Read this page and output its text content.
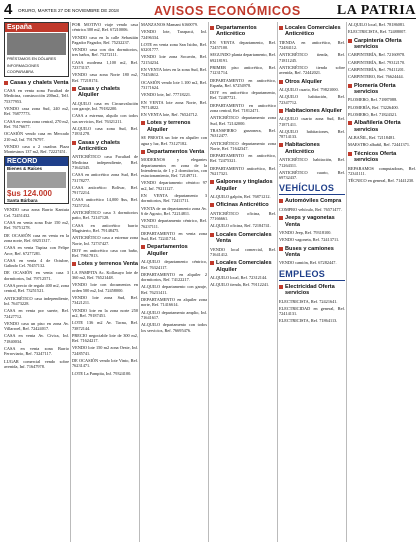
4 ORURO, MARTES 27 DE NOVIEMBRE DE 2018	AVISOS ECONÓMICOS	LA PATRIA
España
PRÉSTAMOS EN DÓLARES
INFORMACIONES
COOPARABRA
Casas y chalets Venta

CASA en venta zona Facultad de Medicina, construcción 200m2, Telf. 75377953.

VENDO casa zona Sud, 240 m2, Ref. 76877773.

CASA en venta zona central, 270 m2, Ref. 76176677.

OCASIÓN vendo casa en Mercado 210 m2, Inf. 79176797.

VENDO casa a 2 cuadras Plaza Montesinos 137 m2, Ref. 72227451.

RECORD
Bienes & Raíces
$us 124.000
Santa Bárbara

VENDO casa zona Barrio Kantuta Cel. 72451432.

CASA en venta zona Este 150 m2, Ref. 76751278.

DE OCASIÓN casa en venta en la zona norte, Ref. 69251317.

CASA en venta Tupiza con Felipe Arce, Ref. 67277281.

CASA en venta 4 de Octubre, Galindo Cel. 70457132.

DE OCASIÓN en venta casa 3 dormitorios, Inf. 79712571.

CASA precio de regalo 400 m2, zona central, Ref. 73251521.

ANTICRÉTICO casa independiente, Inf. 76473228.

CASA en venta por suerte, Ref. 72427712.

VENDO casa un piso en zona Av. Villarroel, Ref. 72424017.

CASA en venta Av. Cívica, Inf. 71840034.

CASA en venta zona Barrio Ferroviario, Ref. 73247117.

LUGAR comercial vendo sobre avenida, Inf. 71647978.

POR MOTIVO viaje vendo casa céntrica 300 m2, Ref. 67210006.

VENDO casa en la calle Sebastián Pagador Pagador, Ref. 75232237.

VENDO casa con dos dormitorios, tres baños, Ref. 75272111.

CASA moderna 1,100 m2, Ref. 72373137.

VENDO casa zona Norte 180 m2, Ref. 77218174.

Casas y chalets Alquiler

ALQUILO casa en Circunvalación con garaje, Inf. 79182200.

CASA a estrenar, alquilo con todos sus servicios, Ref. 76321211.

ALQUILO casa zona Sud, Ref. 71831278.

Casas y chalets Anticrético

ANTICRÉTICO casa Facultad de Medicina independiente, Ref. 71642345.

CASA en anticrético zona Sud, Ref. 73178277.

CASA anticrético Bolívar, Ref. 79172214.

CASA anticrético 14,000 $us, Ref. 73257214.

ANTICRÉTICO casa 3 dormitorios patio, Ref. 72147128.

CASA en anticrético barrio Magisterio, Ref. 79148475.

ANTICRÉTICO casa a estrenar zona Norte, Inf. 72737427.

DOY en anticrético casa con baño, Ref. 79617813.

Lotes y terrenos Venta

LA PAMPITA Ac. Kollasuyo lote de 360 m2, Ref. 76521448.

VENDO lote con documentos en orden 500 m2, Inf. 72458000.

VENDO lote zona Sud, Ref. 73421211.

VENDO lote en la zona norte 250 m2, Ref. 79187451.

LOTE 136 m2 Av. Tacna, Ref. 73872144.

PRECIO negociable lote de 300 m2, Ref. 71624217.

VENDO lote 150 m2 zona Oeste, Inf. 72485741.

DE OCASIÓN vendo lote Vinto, Ref. 76231471.

LOTE La Pampita, Inf. 79324100.

MANZANOS Mamani 6160079.

VENDO lote, Tarapacá, Inf. 72496334.

LOTE en venta zona San Isidro, Ref. 63201777.

VENDO lote zona Socavón, Ref. 72154234.

EN VENTA lotes en la zona Sud, Ref. 73454612.

OCASIÓN vendo lote 1.100 m2, Ref. 73171624.

VENDO lote, Inf. 77718221.

EN VENTA lote zona Norte, Ref. 79714822.

EN VENTA lote, Ref. 76524712.

Lotes y terrenos Alquiler

SE PRESTA un lote en alquiler con agua y luz, Ref. 73127182.

Departamentos Venta

MODERNOS y elegantes departamentos en zona de la Intendencia, de 1 y 2 dormitorios, con estacionamiento, Ref. 72149711.

VENDO departamento céntrico 97 m2, Inf. 79211127.

EN VENTA departamento 3 dormitorios, Ref. 72411711.

VENTA de un departamento zona Av. 6 de Agosto, Ref. 72214811.

VENDO departamento céntrico, Ref. 76237111.

DEPARTAMENTO en venta zona Sud, Ref. 72241714.

Departamentos Alquiler

ALQUILO departamento céntrico, Ref. 76324117.

DEPARTAMENTO en alquiler 2 dormitorios, Ref. 74122217.

ALQUILO departamento con garaje, Ref. 76231411.

DEPARTAMENTO en alquiler zona norte, Ref. 71416614.

ALQUILO departamento amplio, Inf. 71641617.

ALQUILO departamento con todos los servicios, Ref. 76695476.

Departamentos Anticrético

EN VENTA departamento, Ref. 72457100.

SEGUNDO planta departamento, Ref. 69218191.

PRIMER piso anticrético, Ref. 71231714.

DEPARTAMENTO en anticrético, España, Ref. 67254978.

DOY en anticrético departamento, Ref. 72487721.

DEPARTAMENTO en anticrético zona central, Ref. 71812471.

ANTICRÉTICO departamento zona Sud, Ref. 72142000.

TRANSFIERO garzonera, Ref. 76312477.

ANTICRÉTICO departamento zona Norte, Ref. 71642347.

DEPARTAMENTO en anticrético, Ref. 72475321.

DEPARTAMENTO anticrético, Ref. 76217321.

Galpones y tinglados Alquiler

ALQUILO galpón, Ref. 76871212.

Oficinas Anticrético

ANTICRÉTICO oficina, Ref. 77166661.

ALQUILO oficina, Ref. 72184741.

Locales Comerciales Venta

VENDO local comercial, Ref. 71641412.

Locales Comerciales Alquiler

ALQUILO local, Ref. 72312144.

ALQUILO tienda, Ref. 79112241.

Locales Comerciales Anticrético

TIENDA en anticrético, Ref. 72484112.

ANTICRÉTICO tienda, Ref. 71811245.

ANTICRÉTICO tienda sobre avenida, Ref. 72442021.

Otros Alquiler

ALQUILO cuarto, Ref. 79821000.

ALQUILO habitación, Ref. 72347712.

Habitaciones Alquiler

ALQUILO cuarto zona Sud, Ref. 71871411.

ALQUILO habitaciones, Ref. 78714133.

Habitaciones Anticrético

ANTICRÉTICO habitación, Ref. 71264311.

ANTICRÉTICO cuarto, Ref. 69732437.

VEHÍCULOS
Automóviles Compra

COMPRO vehículo, Ref. 76571477.

Jeeps y vagonetas Venta

VENDO Jeep, Ref. 79318100.

VENDO vagoneta, Ref. 72413711.

Buses y camiones Venta

VENDO camión, Ref. 67282447.

EMPLEOS
Electricidad Oferta servicios

ELECTRICISTA, Ref. 72421641.

ELECTRICIDAD en general, Ref. 72414131.

ELECTRICISTA, Ref. 71864113.

ALQUILO local, Ref. 78186081.

ELECTRICISTA, Ref. 72488007.

Carpintería Oferta servicios

CARPINTERÍA, Ref. 72160978.

CARPINTERÍA, Ref. 79312170.

CARPINTERÍA, Ref. 79411201.

CARPINTERO, Ref. 76624444.

Plomería Oferta servicios

PLOMERO, Ref. 71887088.

PLOMERÍA, Ref. 73226400.

PLOMERO, Ref. 71824321.

Albañilería Oferta servicios

ALBAÑIL, Ref. 72118481.

MAESTRO albañil, Ref. 72441371.

Técnicos Oferta servicios

REPARAMOS computadoras, Ref. 72341111.

TÉCNICO en general, Ref. 71441230.
